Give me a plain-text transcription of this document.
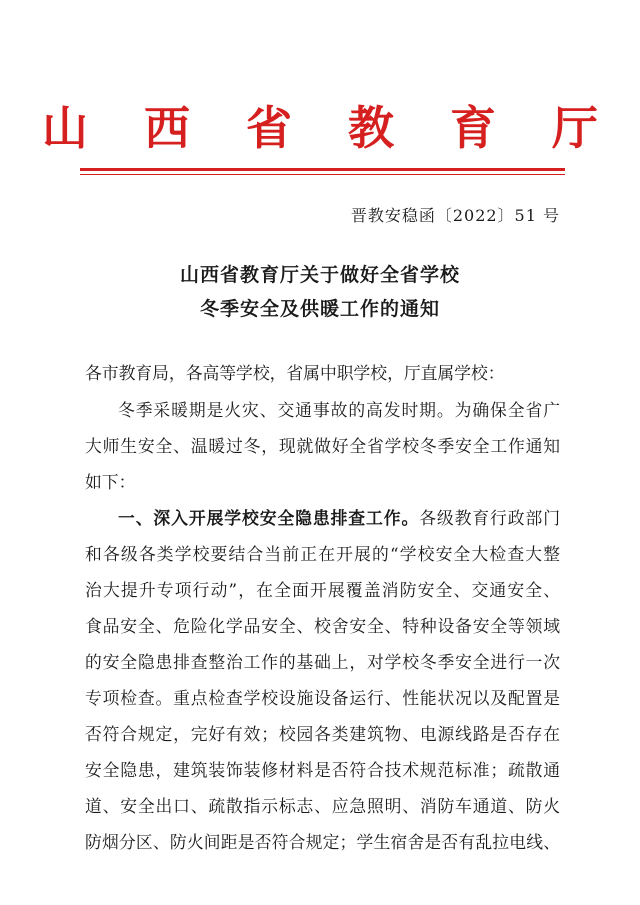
山 西 省 教 育 厅
晋教安稳函〔2022〕51 号
山西省教育厅关于做好全省学校
冬季安全及供暖工作的通知
各市教育局，各高等学校，省属中职学校，厅直属学校：
冬季采暖期是火灾、交通事故的高发时期。为确保全省广
大师生安全、温暖过冬，现就做好全省学校冬季安全工作通知
如下：
一、深入开展学校安全隐患排查工作。各级教育行政部门
和各级各类学校要结合当前正在开展的“学校安全大检查大整
治大提升专项行动”，在全面开展覆盖消防安全、交通安全、
食品安全、危险化学品安全、校舍安全、特种设备安全等领域
的安全隐患排查整治工作的基础上，对学校冬季安全进行一次
专项检查。重点检查学校设施设备运行、性能状况以及配置是
否符合规定，完好有效；校园各类建筑物、电源线路是否存在
安全隐患，建筑装饰装修材料是否符合技术规范标准；疏散通
道、安全出口、疏散指示标志、应急照明、消防车通道、防火
防烟分区、防火间距是否符合规定；学生宿舍是否有乱拉电线、
